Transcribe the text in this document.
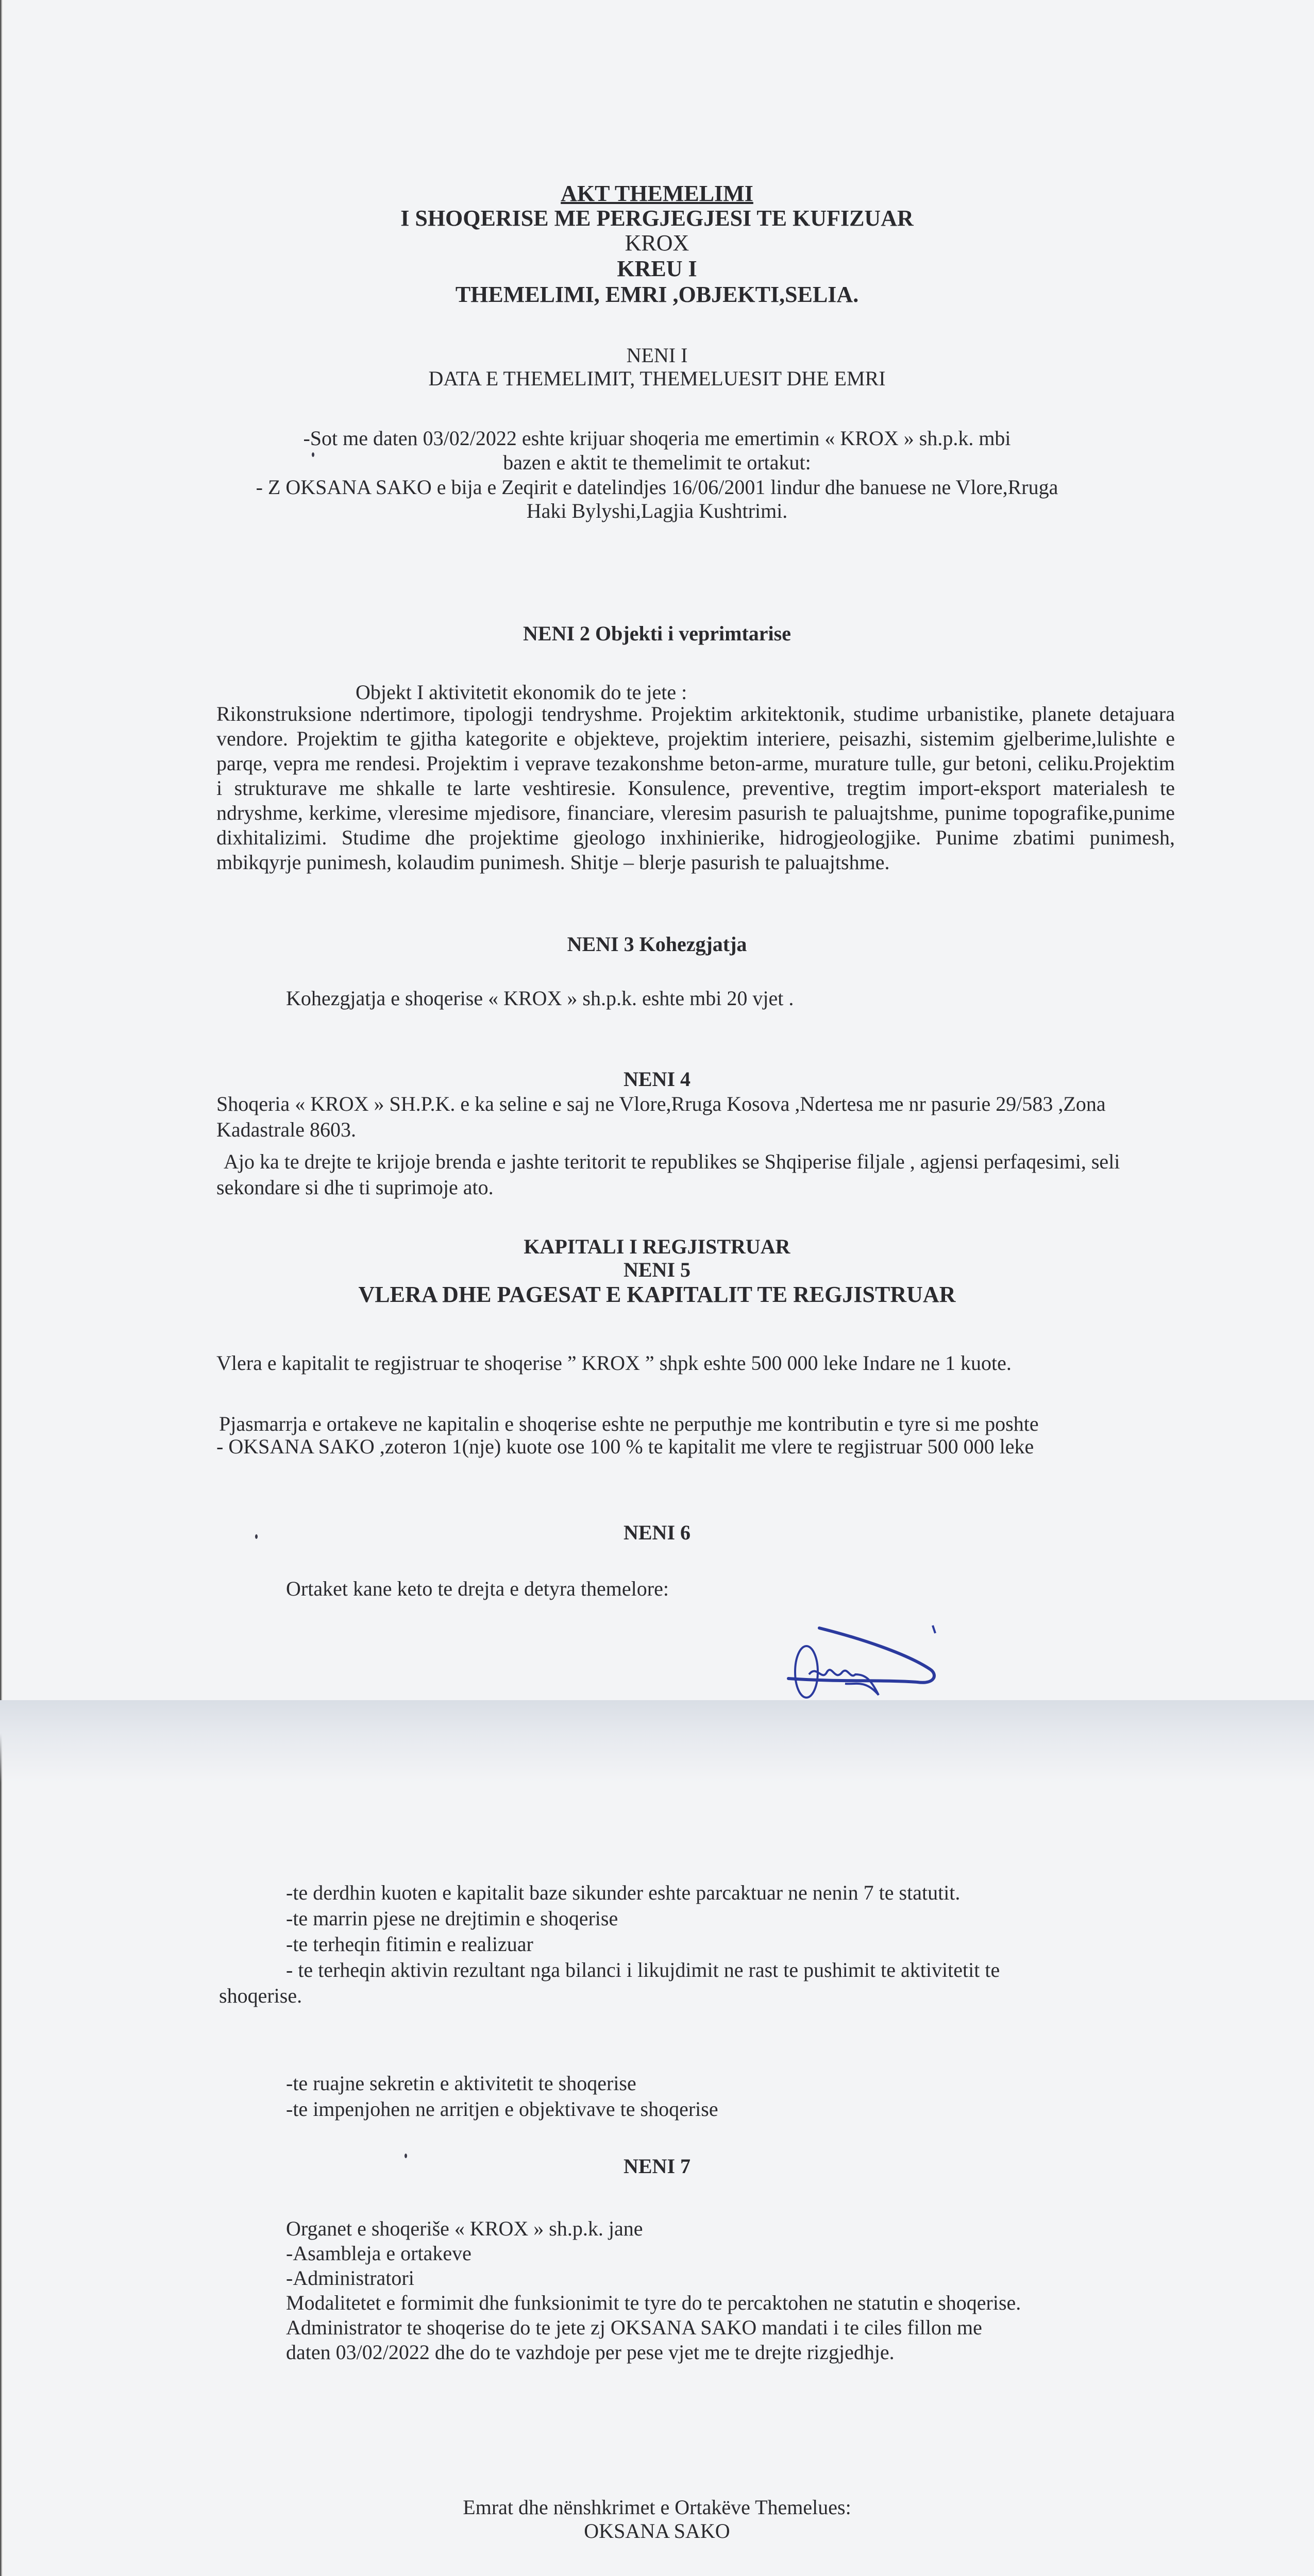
AKT THEMELIMI
I SHOQERISE ME PERGJEGJESI TE KUFIZUAR
KROX
KREU I
THEMELIMI, EMRI ,OBJEKTI,SELIA.
NENI I
DATA E THEMELIMIT, THEMELUESIT DHE EMRI
-Sot me daten 03/02/2022 eshte krijuar shoqeria me emertimin « KROX » sh.p.k. mbi
bazen e aktit te themelimit te ortakut:
- Z OKSANA SAKO e bija e Zeqirit e datelindjes 16/06/2001 lindur dhe banuese ne Vlore,Rruga
Haki Bylyshi,Lagjia Kushtrimi.
NENI 2 Objekti i veprimtarise
Objekt I aktivitetit ekonomik do te jete :
Rikonstruksione ndertimore, tipologji tendryshme. Projektim arkitektonik, studime urbanistike, planete detajuara vendore. Projektim te gjitha kategorite e objekteve, projektim interiere, peisazhi, sistemim gjelberime,lulishte e parqe, vepra me rendesi. Projektim i veprave tezakonshme beton-arme, murature tulle, gur betoni, celiku.Projektim i strukturave me shkalle te larte veshtiresie. Konsulence, preventive, tregtim import-eksport materialesh te ndryshme, kerkime, vleresime mjedisore, financiare, vleresim pasurish te paluajtshme, punime topografike,punime dixhitalizimi. Studime dhe projektime gjeologo inxhinierike, hidrogjeologjike. Punime zbatimi punimesh, mbikqyrje punimesh, kolaudim punimesh. Shitje – blerje pasurish te paluajtshme.
NENI 3 Kohezgjatja
Kohezgjatja e shoqerise « KROX » sh.p.k. eshte mbi 20 vjet .
NENI 4
Shoqeria « KROX » SH.P.K. e ka seline e saj ne Vlore,Rruga Kosova ,Ndertesa me nr pasurie 29/583 ,Zona Kadastrale 8603.
Ajo ka te drejte te krijoje brenda e jashte teritorit te republikes se Shqiperise filjale , agjensi perfaqesimi, seli sekondare si dhe ti suprimoje ato.
KAPITALI I REGJISTRUAR
NENI 5
VLERA DHE PAGESAT E KAPITALIT TE REGJISTRUAR
Vlera e kapitalit te regjistruar te shoqerise ” KROX ” shpk eshte 500 000 leke Indare ne 1 kuote.
Pjasmarrja e ortakeve ne kapitalin e shoqerise eshte ne perputhje me kontributin e tyre si me poshte
- OKSANA SAKO ,zoteron 1(nje) kuote ose 100 % te kapitalit me vlere te regjistruar 500 000 leke
NENI 6
Ortaket kane keto te drejta e detyra themelore:
-te derdhin kuoten e kapitalit baze sikunder eshte parcaktuar ne nenin 7 te statutit.
-te marrin pjese ne drejtimin e shoqerise
-te terheqin fitimin e realizuar
- te terheqin aktivin rezultant nga bilanci i likujdimit ne rast te pushimit te aktivitetit te
shoqerise.
-te ruajne sekretin e aktivitetit te shoqerise
-te impenjohen ne arritjen e objektivave te shoqerise
NENI 7
Organet e shoqeriše « KROX » sh.p.k. jane
-Asambleja e ortakeve
-Administratori
Modalitetet e formimit dhe funksionimit te tyre do te percaktohen ne statutin e shoqerise.
Administrator te shoqerise do te jete zj OKSANA SAKO mandati i te ciles fillon me
daten 03/02/2022 dhe do te vazhdoje per pese vjet me te drejte rizgjedhje.
Emrat dhe nënshkrimet e Ortakëve Themelues:
OKSANA SAKO
